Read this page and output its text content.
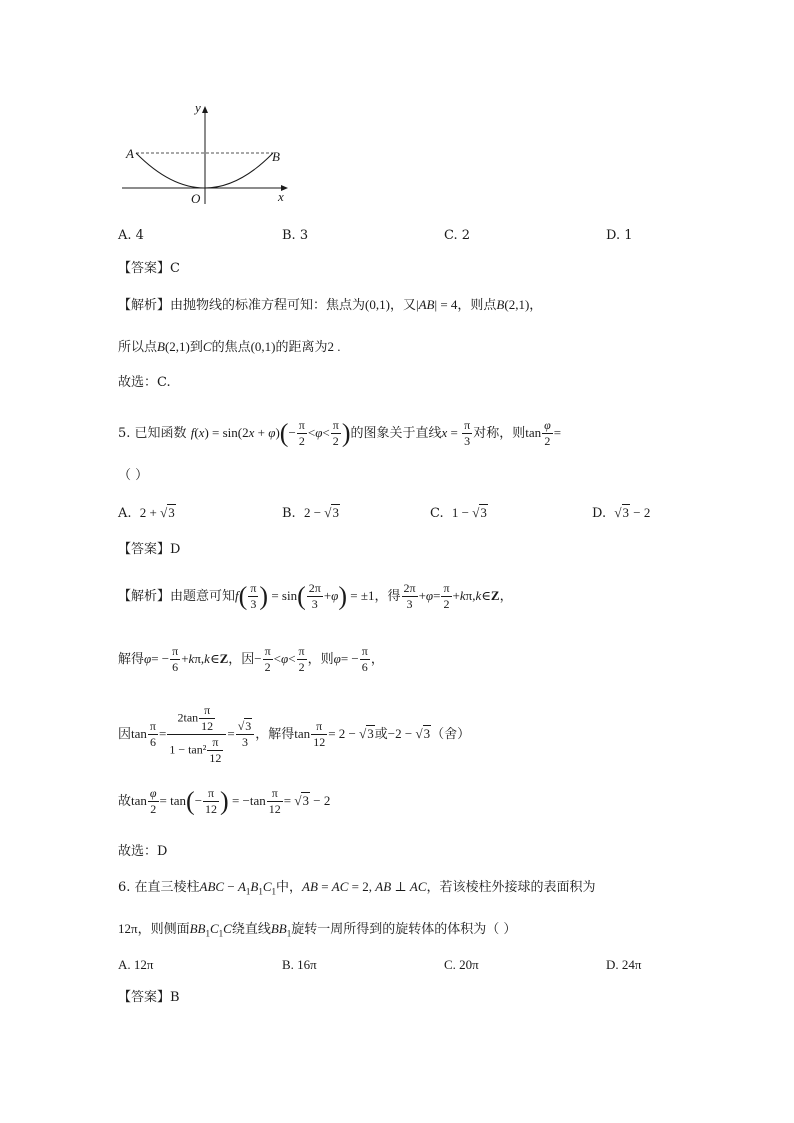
y
x
O
A	B
A. 4	B. 3	C. 2	D. 1
【答案】C
【解析】由抛物线的标准方程可知：焦点为(0,1)，又|AB| = 4，则点B(2,1)，
所以点B(2,1)到C的焦点(0,1)的距离为2 .
故选：C.
5. 已知函数 $f(x) = \sin(2x + \varphi)(- \frac{\pi}{2} <\varphi< \frac{\pi}{2}$ )的图象关于直线$x = \frac{\pi}{3}$ 对称，则$\tan \frac{\varphi}{2}$ =
（ ）
A. 2 + √3	B. 2 − √3	C. 1 − √3	D. √3 − 2
【答案】D
【解析】由题意可知$f( \frac{\pi}{3}$ ) = $\sin( \frac{2\pi}{3} +\varphi) = \pm 1$，得 $\frac{2\pi}{3} +\varphi= \frac{\pi}{2}$ +kπ,k∈Z，
解得$\varphi= - \frac{\pi}{6}$ +kπ,k∈Z，因− $\frac{\pi}{2} <\varphi< \frac{\pi}{2}$ ，则$\varphi= - \frac{\pi}{6}$ ，
因$\tan \frac{\pi}{6} = \frac{2\tan \frac{\pi}{12}}{1 - \tan^2 \frac{\pi}{12}} = \frac{√3}{3}$ ，解得$\tan \frac{\pi}{12} = 2 - √3$或−2 − √3（舍）
故$\tan \frac{\varphi}{2} = \tan(- \frac{\pi}{12}$ ) = $-\tan \frac{\pi}{12} = √3 - 2$
故选：D
6. 在直三棱柱ABC − $A_1B_1C_1$中，AB = AC = 2, AB ⊥ AC，若该棱柱外接球的表面积为
12π，则侧面$BB_1C_1C$绕直线$BB_1$旋转一周所得到的旋转体的体积为（ ）
A. 12π	B. 16π	C. 20π	D. 24π
【答案】B
